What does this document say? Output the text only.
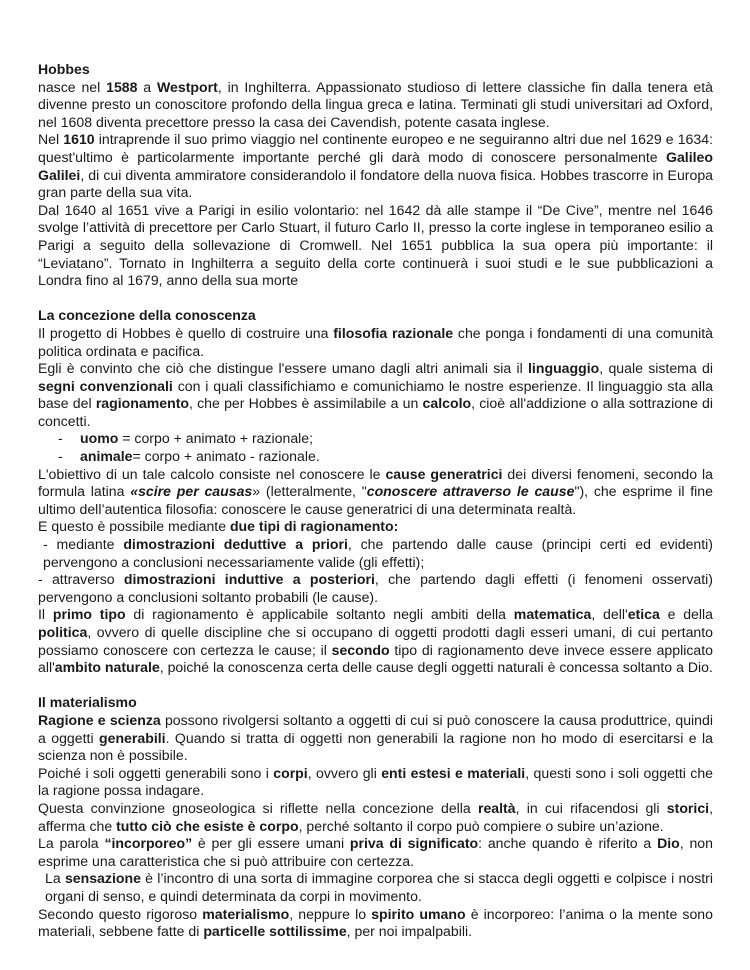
Hobbes
nasce nel 1588 a Westport, in Inghilterra. Appassionato studioso di lettere classiche fin dalla tenera età divenne presto un conoscitore profondo della lingua greca e latina. Terminati gli studi universitari ad Oxford, nel 1608 diventa precettore presso la casa dei Cavendish, potente casata inglese.
Nel 1610 intraprende il suo primo viaggio nel continente europeo e ne seguiranno altri due nel 1629 e 1634: quest'ultimo è particolarmente importante perché gli darà modo di conoscere personalmente Galileo Galilei, di cui diventa ammiratore considerandolo il fondatore della nuova fisica. Hobbes trascorre in Europa gran parte della sua vita.
Dal 1640 al 1651 vive a Parigi in esilio volontario: nel 1642 dà alle stampe il “De Cive”, mentre nel 1646 svolge l’attività di precettore per Carlo Stuart, il futuro Carlo II, presso la corte inglese in temporaneo esilio a Parigi a seguito della sollevazione di Cromwell. Nel 1651 pubblica la sua opera più importante: il “Leviatano”. Tornato in Inghilterra a seguito della corte continuerà i suoi studi e le sue pubblicazioni a Londra fino al 1679, anno della sua morte
La concezione della conoscenza
Il progetto di Hobbes è quello di costruire una filosofia razionale che ponga i fondamenti di una comunità politica ordinata e pacifica.
Egli è convinto che ciò che distingue l'essere umano dagli altri animali sia il linguaggio, quale sistema di segni convenzionali con i quali classifichiamo e comunichiamo le nostre esperienze. Il linguaggio sta alla base del ragionamento, che per Hobbes è assimilabile a un calcolo, cioè all'addizione o alla sottrazione di concetti.
- uomo = corpo + animato + razionale;
- animale= corpo + animato - razionale.
L'obiettivo di un tale calcolo consiste nel conoscere le cause generatrici dei diversi fenomeni, secondo la formula latina «scire per causas» (letteralmente, "conoscere attraverso le cause"), che esprime il fine ultimo dell’autentica filosofia: conoscere le cause generatrici di una determinata realtà.
E questo è possibile mediante due tipi di ragionamento:
- mediante dimostrazioni deduttive a priori, che partendo dalle cause (principi certi ed evidenti) pervengono a conclusioni necessariamente valide (gli effetti);
- attraverso dimostrazioni induttive a posteriori, che partendo dagli effetti (i fenomeni osservati) pervengono a conclusioni soltanto probabili (le cause).
Il primo tipo di ragionamento è applicabile soltanto negli ambiti della matematica, dell'etica e della politica, ovvero di quelle discipline che si occupano di oggetti prodotti dagli esseri umani, di cui pertanto possiamo conoscere con certezza le cause; il secondo tipo di ragionamento deve invece essere applicato all'ambito naturale, poiché la conoscenza certa delle cause degli oggetti naturali è concessa soltanto a Dio.
Il materialismo
Ragione e scienza possono rivolgersi soltanto a oggetti di cui si può conoscere la causa produttrice, quindi a oggetti generabili. Quando si tratta di oggetti non generabili la ragione non ho modo di esercitarsi e la scienza non è possibile.
Poiché i soli oggetti generabili sono i corpi, ovvero gli enti estesi e materiali, questi sono i soli oggetti che la ragione possa indagare.
Questa convinzione gnoseologica si riflette nella concezione della realtà, in cui rifacendosi gli storici, afferma che tutto ciò che esiste è corpo, perché soltanto il corpo può compiere o subire un’azione.
La parola “incorporeo” è per gli essere umani priva di significato: anche quando è riferito a Dio, non esprime una caratteristica che si può attribuire con certezza.
La sensazione è l’incontro di una sorta di immagine corporea che si stacca degli oggetti e colpisce i nostri organi di senso, e quindi determinata da corpi in movimento.
Secondo questo rigoroso materialismo, neppure lo spirito umano è incorporeo: l’anima o la mente sono materiali, sebbene fatte di particelle sottilissime, per noi impalpabili.
